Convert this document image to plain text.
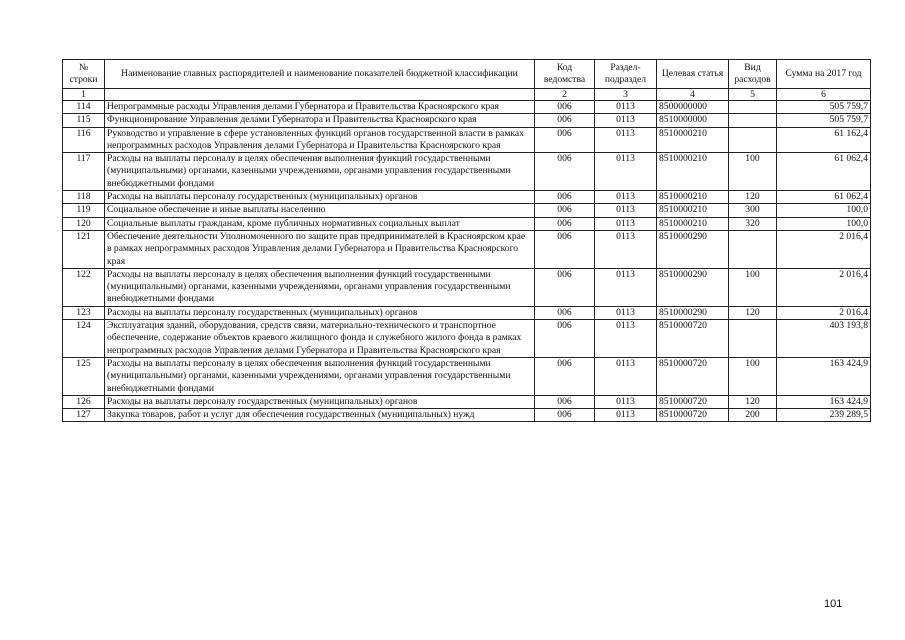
№ строки	Наименование главных распорядителей и наименование показателей бюджетной классификации	Код ведомства	Раздел-подраздел	Целевая статья	Вид расходов	Сумма на 2017 год
1		2	3	4	5	6
114	Непрограммные расходы Управления делами Губернатора и Правительства Красноярского края	006	0113	8500000000		505 759,7
115	Функционирование Управления делами Губернатора и Правительства Красноярского края	006	0113	8510000000		505 759,7
116	Руководство и управление в сфере установленных функций органов государственной власти в рамках непрограммных расходов Управления делами Губернатора и Правительства Красноярского края	006	0113	8510000210		61 162,4
117	Расходы на выплаты персоналу в целях обеспечения выполнения функций государственными (муниципальными) органами, казенными учреждениями, органами управления государственными внебюджетными фондами	006	0113	8510000210	100	61 062,4
118	Расходы на выплаты персоналу государственных (муниципальных) органов	006	0113	8510000210	120	61 062,4
119	Социальное обеспечение и иные выплаты населению	006	0113	8510000210	300	100,0
120	Социальные выплаты гражданам, кроме публичных нормативных социальных выплат	006	0113	8510000210	320	100,0
121	Обеспечение деятельности Уполномоченного по защите прав предпринимателей в Красноярском крае в рамках непрограммных расходов Управления делами Губернатора и Правительства Красноярского края	006	0113	8510000290		2 016,4
122	Расходы на выплаты персоналу в целях обеспечения выполнения функций государственными (муниципальными) органами, казенными учреждениями, органами управления государственными внебюджетными фондами	006	0113	8510000290	100	2 016,4
123	Расходы на выплаты персоналу государственных (муниципальных) органов	006	0113	8510000290	120	2 016,4
124	Эксплуатация зданий, оборудования, средств связи, материально-технического и транспортное обеспечение, содержание объектов краевого жилищного фонда и служебного жилого фонда в рамках непрограммных расходов Управления делами Губернатора и Правительства Красноярского края	006	0113	8510000720		403 193,8
125	Расходы на выплаты персоналу в целях обеспечения выполнения функций государственными (муниципальными) органами, казенными учреждениями, органами управления государственными внебюджетными фондами	006	0113	8510000720	100	163 424,9
126	Расходы на выплаты персоналу государственных (муниципальных) органов	006	0113	8510000720	120	163 424,9
127	Закупка товаров, работ и услуг для обеспечения государственных (муниципальных) нужд	006	0113	8510000720	200	239 289,5
101
